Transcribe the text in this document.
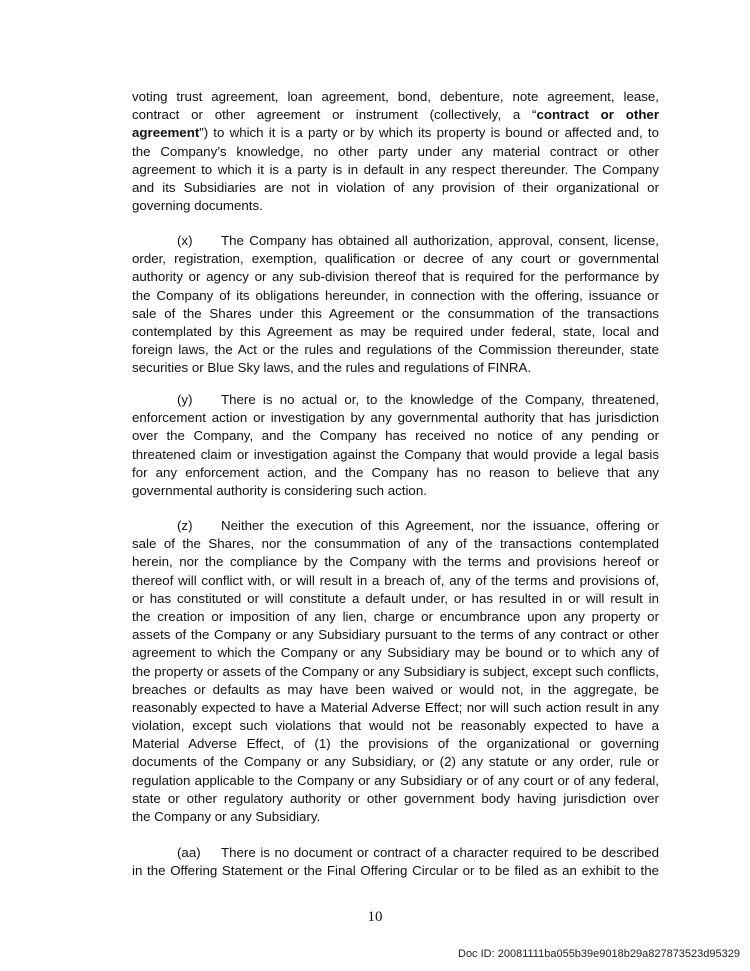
voting trust agreement, loan agreement, bond, debenture, note agreement, lease,
contract or other agreement or instrument (collectively, a “contract or other
agreement”) to which it is a party or by which its property is bound or affected and, to
the Company’s knowledge, no other party under any material contract or other
agreement to which it is a party is in default in any respect thereunder. The Company
and its Subsidiaries are not in violation of any provision of their organizational or
governing documents.
(x) The Company has obtained all authorization, approval, consent, license,
order, registration, exemption, qualification or decree of any court or governmental
authority or agency or any sub-division thereof that is required for the performance by
the Company of its obligations hereunder, in connection with the offering, issuance or
sale of the Shares under this Agreement or the consummation of the transactions
contemplated by this Agreement as may be required under federal, state, local and
foreign laws, the Act or the rules and regulations of the Commission thereunder, state
securities or Blue Sky laws, and the rules and regulations of FINRA.
(y) There is no actual or, to the knowledge of the Company, threatened,
enforcement action or investigation by any governmental authority that has jurisdiction
over the Company, and the Company has received no notice of any pending or
threatened claim or investigation against the Company that would provide a legal basis
for any enforcement action, and the Company has no reason to believe that any
governmental authority is considering such action.
(z) Neither the execution of this Agreement, nor the issuance, offering or
sale of the Shares, nor the consummation of any of the transactions contemplated
herein, nor the compliance by the Company with the terms and provisions hereof or
thereof will conflict with, or will result in a breach of, any of the terms and provisions of,
or has constituted or will constitute a default under, or has resulted in or will result in
the creation or imposition of any lien, charge or encumbrance upon any property or
assets of the Company or any Subsidiary pursuant to the terms of any contract or other
agreement to which the Company or any Subsidiary may be bound or to which any of
the property or assets of the Company or any Subsidiary is subject, except such conflicts,
breaches or defaults as may have been waived or would not, in the aggregate, be
reasonably expected to have a Material Adverse Effect; nor will such action result in any
violation, except such violations that would not be reasonably expected to have a
Material Adverse Effect, of (1) the provisions of the organizational or governing
documents of the Company or any Subsidiary, or (2) any statute or any order, rule or
regulation applicable to the Company or any Subsidiary or of any court or of any federal,
state or other regulatory authority or other government body having jurisdiction over
the Company or any Subsidiary.
(aa) There is no document or contract of a character required to be described
in the Offering Statement or the Final Offering Circular or to be filed as an exhibit to the
10
Doc ID: 20081111ba055b39e9018b29a827873523d95329
